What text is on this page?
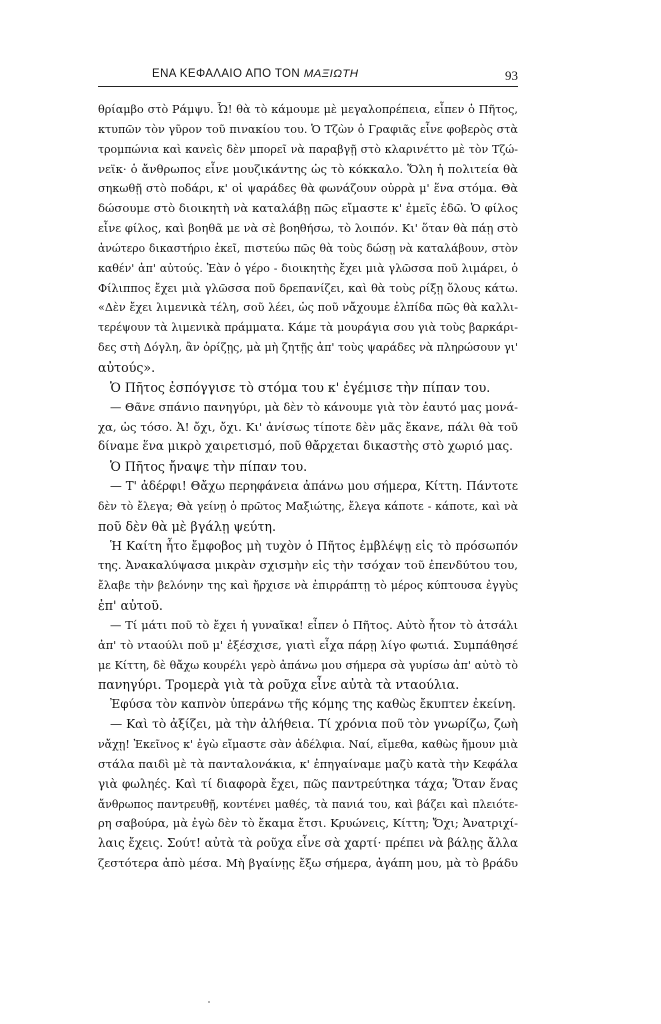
ΕΝΑ ΚΕΦΑΛΑΙΟ ΑΠΟ ΤΟΝ ΜΑΞΙΩΤΗ	93
θρίαμβο στὸ Ράμψυ. Ὦ! θὰ τὸ κάμουμε μὲ μεγαλοπρέπεια, εἶπεν ὁ Πῆτος,
κτυπῶν τὸν γῦρον τοῦ πινακίου του. Ὁ Τζὼν ὁ Γραφιᾶς εἶνε φοβερὸς στὰ
τρομπώνια καὶ κανεὶς δὲν μπορεῖ νὰ παραβγῇ στὸ κλαρινέττο μὲ τὸν Τζώ-
νεϊκ· ὁ ἄνθρωπος εἶνε μουζικάντης ὡς τὸ κόκκαλο. Ὅλη ἡ πολιτεία θὰ
σηκωθῇ στὸ ποδάρι, κ' οἱ ψαράδες θὰ φωνάζουν οὐρρὰ μ' ἕνα στόμα. Θὰ
δώσουμε στὸ διοικητὴ νὰ καταλάβῃ πῶς εἴμαστε κ' ἐμεῖς ἐδῶ. Ὁ φίλος
εἶνε φίλος, καὶ βοηθᾶ με νὰ σὲ βοηθήσω, τὸ λοιπόν. Κι' ὅταν θὰ πάῃ στὸ
ἀνώτερο δικαστήριο ἐκεῖ, πιστεύω πῶς θὰ τοὺς δώσῃ νὰ καταλάβουν, στὸν
καθέν' ἀπ' αὐτούς. Ἐὰν ὁ γέρο - διοικητὴς ἔχει μιὰ γλῶσσα ποῦ λιμάρει, ὁ
Φίλιππος ἔχει μιὰ γλῶσσα ποῦ δρεπανίζει, καὶ θὰ τοὺς ρίξῃ ὅλους κάτω.
«Δὲν ἔχει λιμενικὰ τέλη, σοῦ λέει, ὡς ποῦ νἄχουμε ἐλπίδα πῶς θὰ καλλι-
τερέψουν τὰ λιμενικὰ πράμματα. Κάμε τὰ μουράγια σου γιὰ τοὺς βαρκάρι-
δες στὴ Δόγλη, ἂν ὁρίζῃς, μὰ μὴ ζητῇς ἀπ' τοὺς ψαράδες νὰ πληρώσουν γι'
αὐτούς».
Ὁ Πῆτος ἐσπόγγισε τὸ στόμα του κ' ἐγέμισε τὴν πίπαν του.
— Θᾶνε σπάνιο πανηγύρι, μὰ δὲν τὸ κάνουμε γιὰ τὸν ἑαυτό μας μονά-
χα, ὡς τόσο. Ἀ! ὄχι, ὄχι. Κι' ἀνίσως τίποτε δὲν μᾶς ἔκανε, πάλι θὰ τοῦ
δίναμε ἕνα μικρὸ χαιρετισμό, ποῦ θἄρχεται δικαστὴς στὸ χωριό μας.
Ὁ Πῆτος ἤναψε τὴν πίπαν του.
— Τ' ἀδέρφι! Θἄχω περηφάνεια ἀπάνω μου σήμερα, Κίττη. Πάντοτε
δὲν τὸ ἔλεγα; Θὰ γείνῃ ὁ πρῶτος Μαξιώτης, ἔλεγα κάποτε - κάποτε, καὶ νὰ
ποῦ δὲν θὰ μὲ βγάλῃ ψεύτη.
Ἡ Καίτη ἦτο ἔμφοβος μὴ τυχὸν ὁ Πῆτος ἐμβλέψῃ εἰς τὸ πρόσωπόν
της. Ἀνακαλύψασα μικρὰν σχισμὴν εἰς τὴν τσόχαν τοῦ ἐπενδύτου του,
ἔλαβε τὴν βελόνην της καὶ ἤρχισε νὰ ἐπιρράπτῃ τὸ μέρος κύπτουσα ἐγγὺς
ἐπ' αὐτοῦ.
— Τί μάτι ποῦ τὸ ἔχει ἡ γυναῖκα! εἶπεν ὁ Πῆτος. Αὐτὸ ἦτον τὸ ἀτσάλι
ἀπ' τὸ νταούλι ποῦ μ' ἐξέσχισε, γιατὶ εἶχα πάρῃ λίγο φωτιά. Συμπάθησέ
με Κίττη, δὲ θἄχω κουρέλι γερὸ ἀπάνω μου σήμερα σὰ γυρίσω ἀπ' αὐτὸ τὸ
πανηγύρι. Τρομερὰ γιὰ τὰ ροῦχα εἶνε αὐτὰ τὰ νταούλια.
Ἐφύσα τὸν καπνὸν ὑπεράνω τῆς κόμης της καθὼς ἔκυπτεν ἐκείνη.
— Καὶ τὸ ἀξίζει, μὰ τὴν ἀλήθεια. Τί χρόνια ποῦ τὸν γνωρίζω, ζωὴ
νἄχῃ! Ἐκεῖνος κ' ἐγὼ εἴμαστε σὰν ἀδέλφια. Ναί, εἴμεθα, καθὼς ἤμουν μιὰ
στάλα παιδὶ μὲ τὰ πανταλονάκια, κ' ἐπηγαίναμε μαζὺ κατὰ τὴν Κεφάλα
γιὰ φωληές. Καὶ τί διαφορὰ ἔχει, πῶς παντρεύτηκα τάχα; Ὅταν ἕνας
ἄνθρωπος παντρευθῇ, κοντένει μαθές, τὰ πανιά του, καὶ βάζει καὶ πλειότε-
ρη σαβούρα, μὰ ἐγὼ δὲν τὸ ἔκαμα ἔτσι. Κρυώνεις, Κίττη; Ὄχι; Ἀνατριχί-
λαις ἔχεις. Σούτ! αὐτὰ τὰ ροῦχα εἶνε σὰ χαρτί· πρέπει νὰ βάλῃς ἄλλα
ζεστότερα ἀπὸ μέσα. Μὴ βγαίνῃς ἔξω σήμερα, ἀγάπη μου, μὰ τὸ βράδυ
